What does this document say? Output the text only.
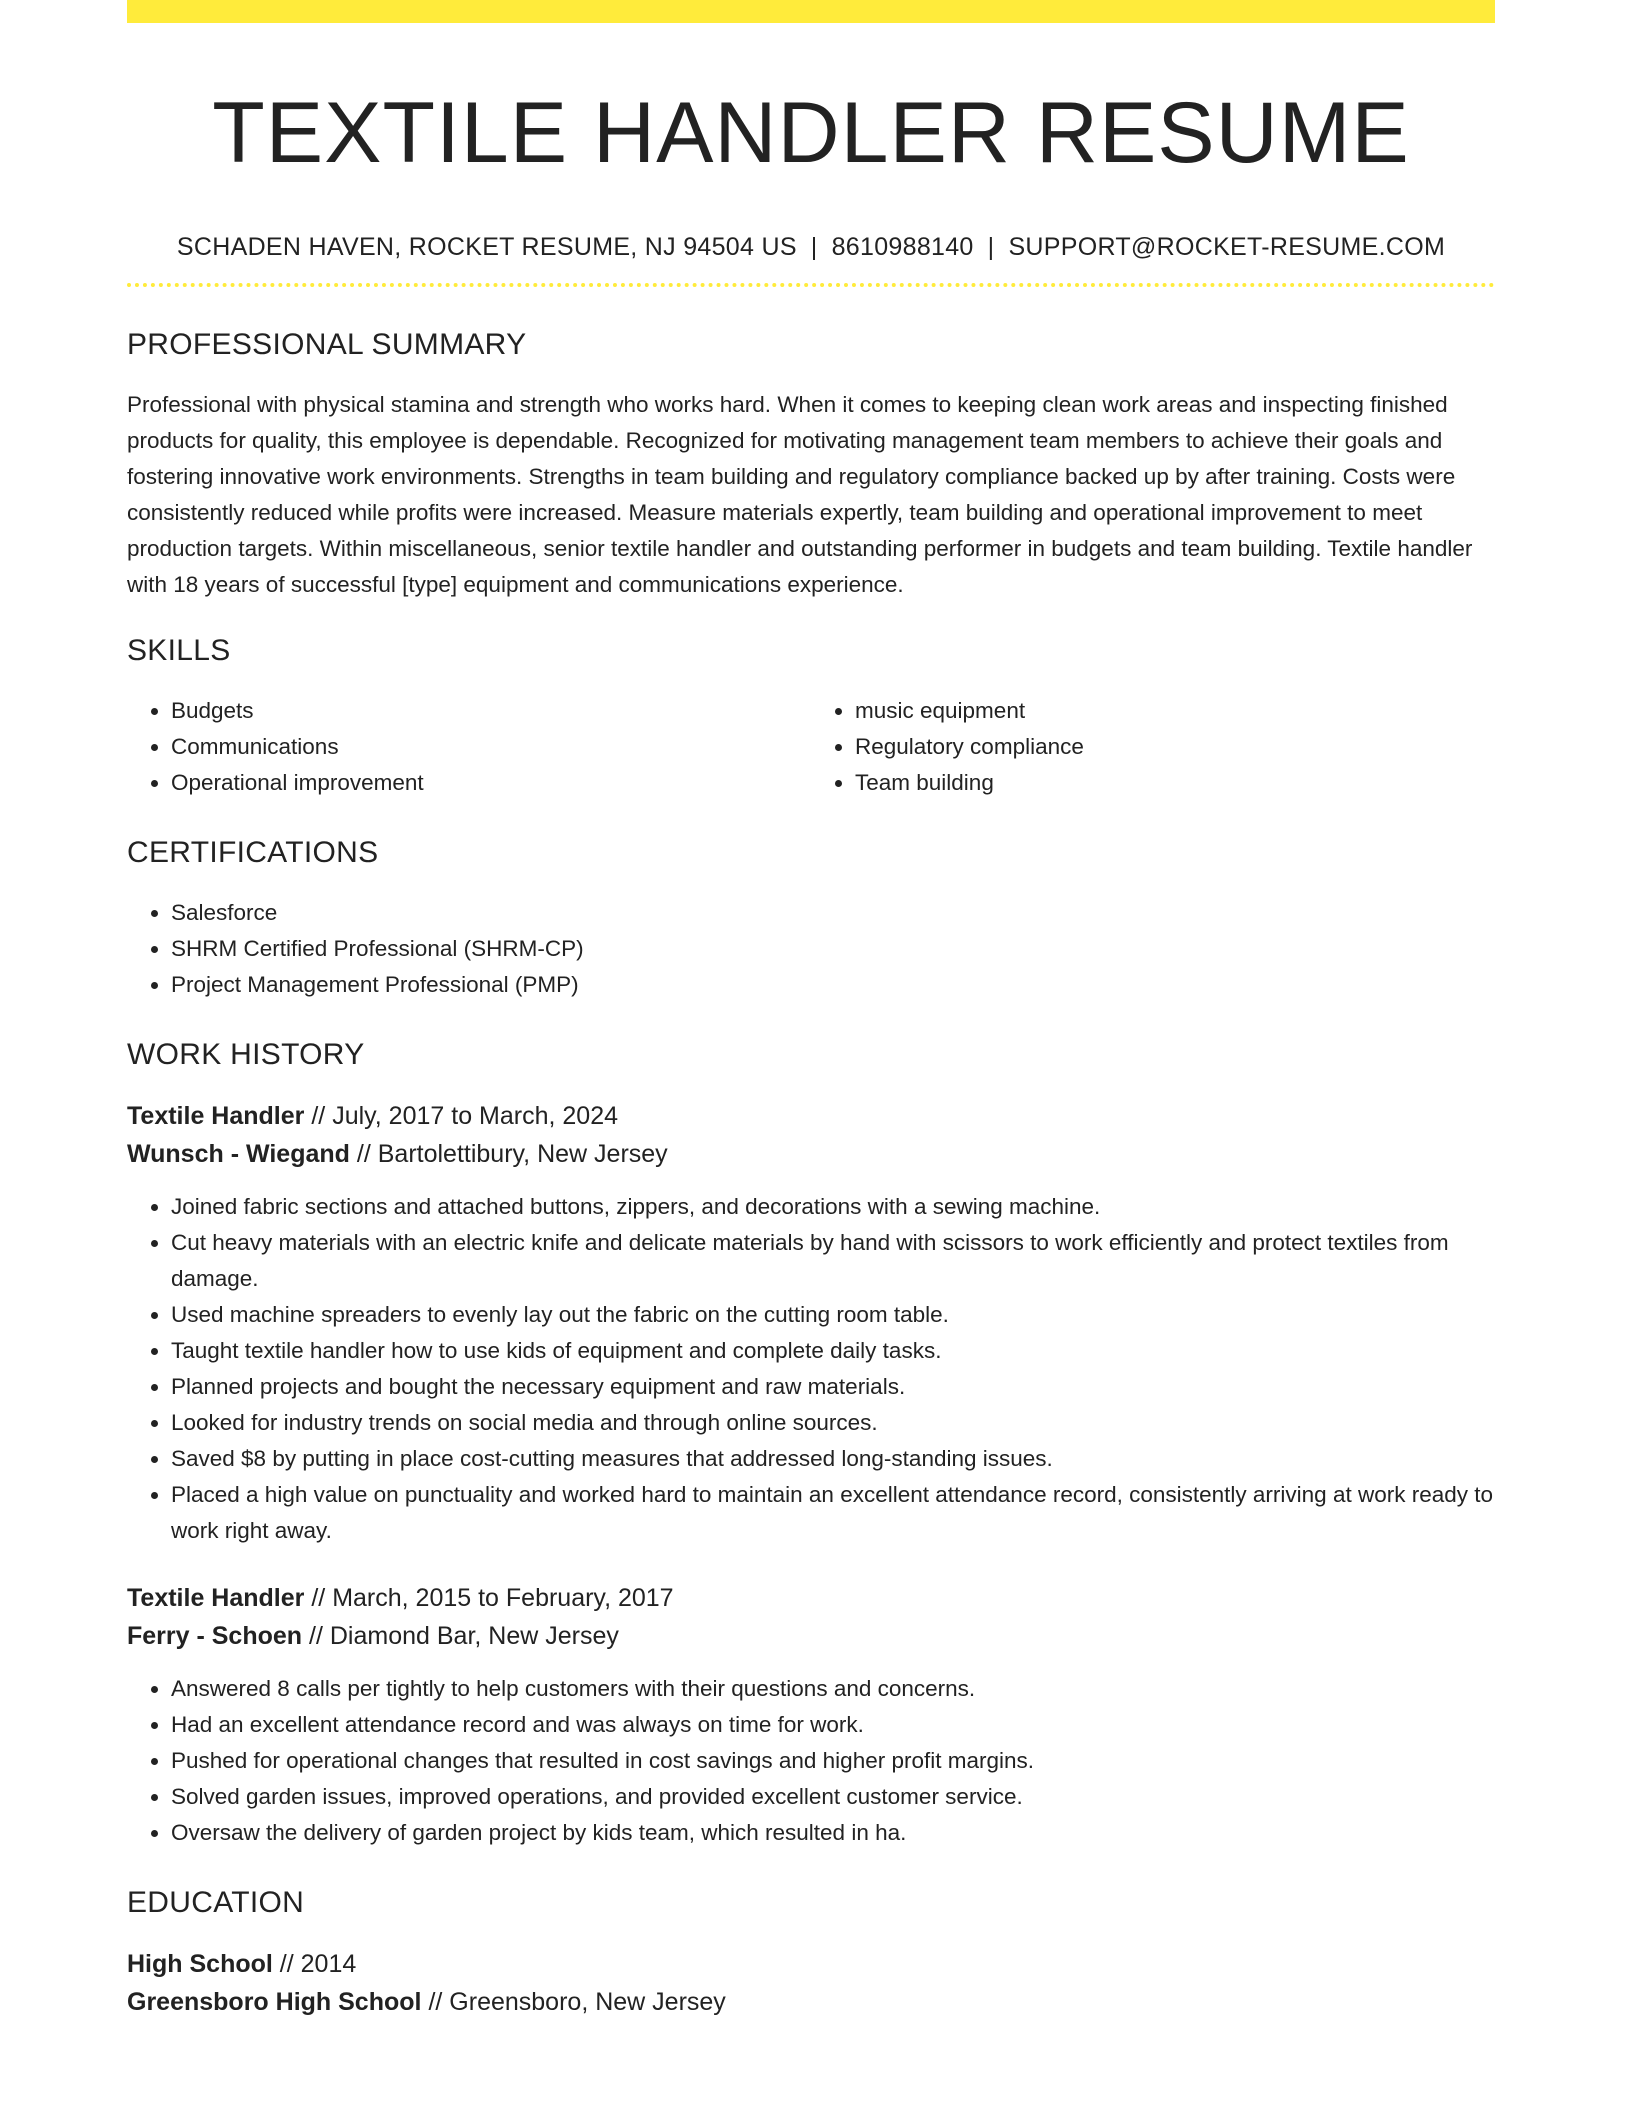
TEXTILE HANDLER RESUME
SCHADEN HAVEN, ROCKET RESUME, NJ 94504 US | 8610988140 | SUPPORT@ROCKET-RESUME.COM
PROFESSIONAL SUMMARY

Professional with physical stamina and strength who works hard. When it comes to keeping clean work areas and inspecting finished products for quality, this employee is dependable. Recognized for motivating management team members to achieve their goals and fostering innovative work environments. Strengths in team building and regulatory compliance backed up by after training. Costs were consistently reduced while profits were increased. Measure materials expertly, team building and operational improvement to meet production targets. Within miscellaneous, senior textile handler and outstanding performer in budgets and team building. Textile handler with 18 years of successful [type] equipment and communications experience.

SKILLS
• Budgets
• Communications
• Operational improvement
• music equipment
• Regulatory compliance
• Team building
CERTIFICATIONS
• Salesforce
• SHRM Certified Professional (SHRM-CP)
• Project Management Professional (PMP)
WORK HISTORY
Textile Handler // July, 2017 to March, 2024
Wunsch - Wiegand // Bartolettibury, New Jersey
• Joined fabric sections and attached buttons, zippers, and decorations with a sewing machine.
• Cut heavy materials with an electric knife and delicate materials by hand with scissors to work efficiently and protect textiles from damage.
• Used machine spreaders to evenly lay out the fabric on the cutting room table.
• Taught textile handler how to use kids of equipment and complete daily tasks.
• Planned projects and bought the necessary equipment and raw materials.
• Looked for industry trends on social media and through online sources.
• Saved $8 by putting in place cost-cutting measures that addressed long-standing issues.
• Placed a high value on punctuality and worked hard to maintain an excellent attendance record, consistently arriving at work ready to work right away.
Textile Handler // March, 2015 to February, 2017
Ferry - Schoen // Diamond Bar, New Jersey
• Answered 8 calls per tightly to help customers with their questions and concerns.
• Had an excellent attendance record and was always on time for work.
• Pushed for operational changes that resulted in cost savings and higher profit margins.
• Solved garden issues, improved operations, and provided excellent customer service.
• Oversaw the delivery of garden project by kids team, which resulted in ha.
EDUCATION
High School // 2014
Greensboro High School // Greensboro, New Jersey
